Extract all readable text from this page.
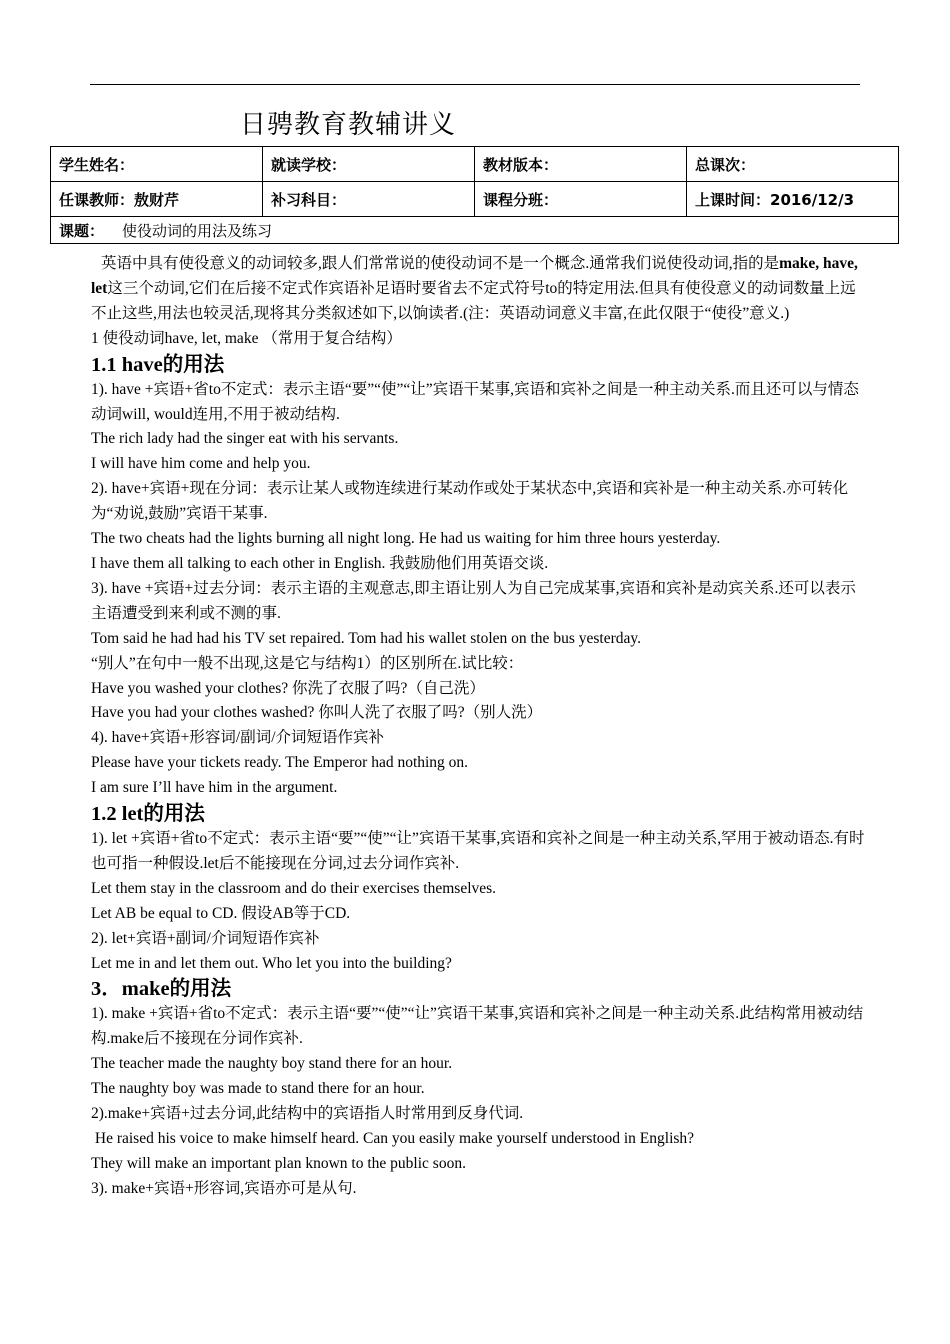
日骋教育教辅讲义
学生姓名：	就读学校：	教材版本：	总课次：
任课教师：敖财芹	补习科目：	课程分班：	上课时间：2016/12/3
课题： 使役动词的用法及练习			

英语中具有使役意义的动词较多,跟人们常常说的使役动词不是一个概念.通常我们说使役动词,指的是make, have, let这三个动词,它们在后接不定式作宾语补足语时要省去不定式符号to的特定用法.但具有使役意义的动词数量上远不止这些,用法也较灵活,现将其分类叙述如下,以饷读者.(注：英语动词意义丰富,在此仅限于“使役”意义.)

1 使役动词have, let, make （常用于复合结构）

1.1 have的用法

1). have +宾语+省to不定式：表示主语“要”“使”“让”宾语干某事,宾语和宾补之间是一种主动关系.而且还可以与情态动词will, would连用,不用于被动结构.

The rich lady had the singer eat with his servants.

I will have him come and help you.

2). have+宾语+现在分词：表示让某人或物连续进行某动作或处于某状态中,宾语和宾补是一种主动关系.亦可转化为“劝说,鼓励”宾语干某事.

The two cheats had the lights burning all night long. He had us waiting for him three hours yesterday.

I have them all talking to each other in English. 我鼓励他们用英语交谈.

3). have +宾语+过去分词：表示主语的主观意志,即主语让别人为自己完成某事,宾语和宾补是动宾关系.还可以表示主语遭受到来利或不测的事.

Tom said he had had his TV set repaired. Tom had his wallet stolen on the bus yesterday.

“别人”在句中一般不出现,这是它与结构1）的区别所在.试比较：

Have you washed your clothes? 你洗了衣服了吗?（自己洗）

Have you had your clothes washed? 你叫人洗了衣服了吗?（别人洗）

4). have+宾语+形容词/副词/介词短语作宾补

Please have your tickets ready. The Emperor had nothing on.

I am sure I’ll have him in the argument.

1.2 let的用法

1). let +宾语+省to不定式：表示主语“要”“使”“让”宾语干某事,宾语和宾补之间是一种主动关系,罕用于被动语态.有时也可指一种假设.let后不能接现在分词,过去分词作宾补.

Let them stay in the classroom and do their exercises themselves.

Let AB be equal to CD. 假设AB等于CD.

2). let+宾语+副词/介词短语作宾补

Let me in and let them out. Who let you into the building?

3．make的用法

1). make +宾语+省to不定式：表示主语“要”“使”“让”宾语干某事,宾语和宾补之间是一种主动关系.此结构常用被动结构.make后不接现在分词作宾补.

The teacher made the naughty boy stand there for an hour.

The naughty boy was made to stand there for an hour.

2).make+宾语+过去分词,此结构中的宾语指人时常用到反身代词.

He raised his voice to make himself heard. Can you easily make yourself understood in English?

They will make an important plan known to the public soon.

3). make+宾语+形容词,宾语亦可是从句.
